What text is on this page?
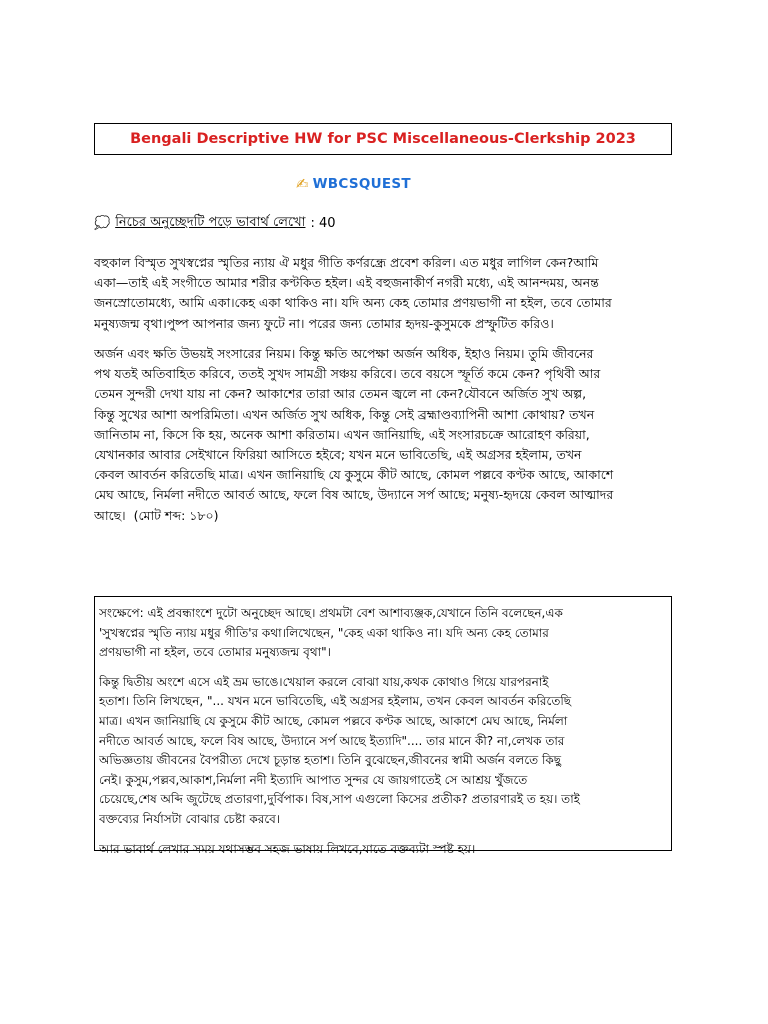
Bengali Descriptive HW for PSC Miscellaneous-Clerkship 2023
✍ WBCSQUEST
💭 নিচের অনুচ্ছেদটি পড়ে ভাবার্থ লেখো : 40
বহুকাল বিস্মৃত সুখস্বপ্নের স্মৃতির ন্যায় ঐ মধুর গীতি কর্ণরন্ধ্রে প্রবেশ করিল। এত মধুর লাগিল কেন?আমি
একা—তাই এই সংগীতে আমার শরীর কণ্টকিত হইল। এই বহুজনাকীর্ণ নগরী মধ্যে, এই আনন্দময়, অনন্ত
জনস্রোতোমধ্যে, আমি একা।কেহ একা থাকিও না। যদি অন্য কেহ তোমার প্রণয়ভাগী না হইল, তবে তোমার
মনুষ্যজন্ম বৃথা।পুষ্প আপনার জন্য ফুটে না। পরের জন্য তোমার হৃদয়-কুসুমকে প্রস্ফুটিত করিও।
অর্জন এবং ক্ষতি উভয়ই সংসারের নিয়ম। কিন্তু ক্ষতি অপেক্ষা অর্জন অধিক, ইহাও নিয়ম। তুমি জীবনের
পথ যতই অতিবাহিত করিবে, ততই সুখদ সামগ্রী সঞ্চয় করিবে। তবে বয়সে স্ফূর্তি কমে কেন? পৃথিবী আর
তেমন সুন্দরী দেখা যায় না কেন? আকাশের তারা আর তেমন জ্বলে না কেন?যৌবনে অর্জিত সুখ অল্প,
কিন্তু সুখের আশা অপরিমিতা। এখন অর্জিত সুখ অধিক, কিন্তু সেই ব্রহ্মাণ্ডব্যাপিনী আশা কোথায়? তখন
জানিতাম না, কিসে কি হয়, অনেক আশা করিতাম। এখন জানিয়াছি, এই সংসারচক্রে আরোহণ করিয়া,
যেখানকার আবার সেইখানে ফিরিয়া আসিতে হইবে; যখন মনে ভাবিতেছি, এই অগ্রসর হইলাম, তখন
কেবল আবর্তন করিতেছি মাত্র। এখন জানিয়াছি যে কুসুমে কীট আছে, কোমল পল্লবে কণ্টক আছে, আকাশে
মেঘ আছে, নির্মলা নদীতে আবর্ত আছে, ফলে বিষ আছে, উদ্যানে সর্প আছে; মনুষ্য-হৃদয়ে কেবল আত্মাদর
আছে। (মোট শব্দ: ১৮০)
সংক্ষেপে: এই প্রবন্ধাংশে দুটো অনুচ্ছেদ আছে। প্রথমটা বেশ আশাব্যঞ্জক,যেখানে তিনি বলেছেন,এক
'সুখস্বপ্নের স্মৃতি ন্যায় মধুর গীতি'র কথা।লিখেছেন, "কেহ একা থাকিও না। যদি অন্য কেহ তোমার
প্রণয়ভাগী না হইল, তবে তোমার মনুষ্যজন্ম বৃথা"।
কিন্তু দ্বিতীয় অংশে এসে এই ভ্রম ভাঙে।খেয়াল করলে বোঝা যায়,কথক কোথাও গিয়ে যারপরনাই
হতাশ। তিনি লিখছেন, "... যখন মনে ভাবিতেছি, এই অগ্রসর হইলাম, তখন কেবল আবর্তন করিতেছি
মাত্র। এখন জানিয়াছি যে কুসুমে কীট আছে, কোমল পল্লবে কণ্টক আছে, আকাশে মেঘ আছে, নির্মলা
নদীতে আবর্ত আছে, ফলে বিষ আছে, উদ্যানে সর্প আছে ইত্যাদি".... তার মানে কী? না,লেখক তার
অভিজ্ঞতায় জীবনের বৈপরীত্য দেখে চূড়ান্ত হতাশ। তিনি বুঝেছেন,জীবনের স্বামী অর্জন বলতে কিছু
নেই। কুসুম,পল্লব,আকাশ,নির্মলা নদী ইত্যাদি আপাত সুন্দর যে জায়গাতেই সে আশ্রয় খুঁজতে
চেয়েছে,শেষ অব্দি জুটেছে প্রতারণা,দুর্বিপাক। বিষ,সাপ এগুলো কিসের প্রতীক? প্রতারণারই ত হয়। তাই
বক্তব্যের নির্যাসটা বোঝার চেষ্টা করবে।
আর ভাবার্থ লেখার সময় যথাসম্ভব সহজ ভাষায় লিখবে,যাতে বক্তব্যটা স্পষ্ট হয়।
